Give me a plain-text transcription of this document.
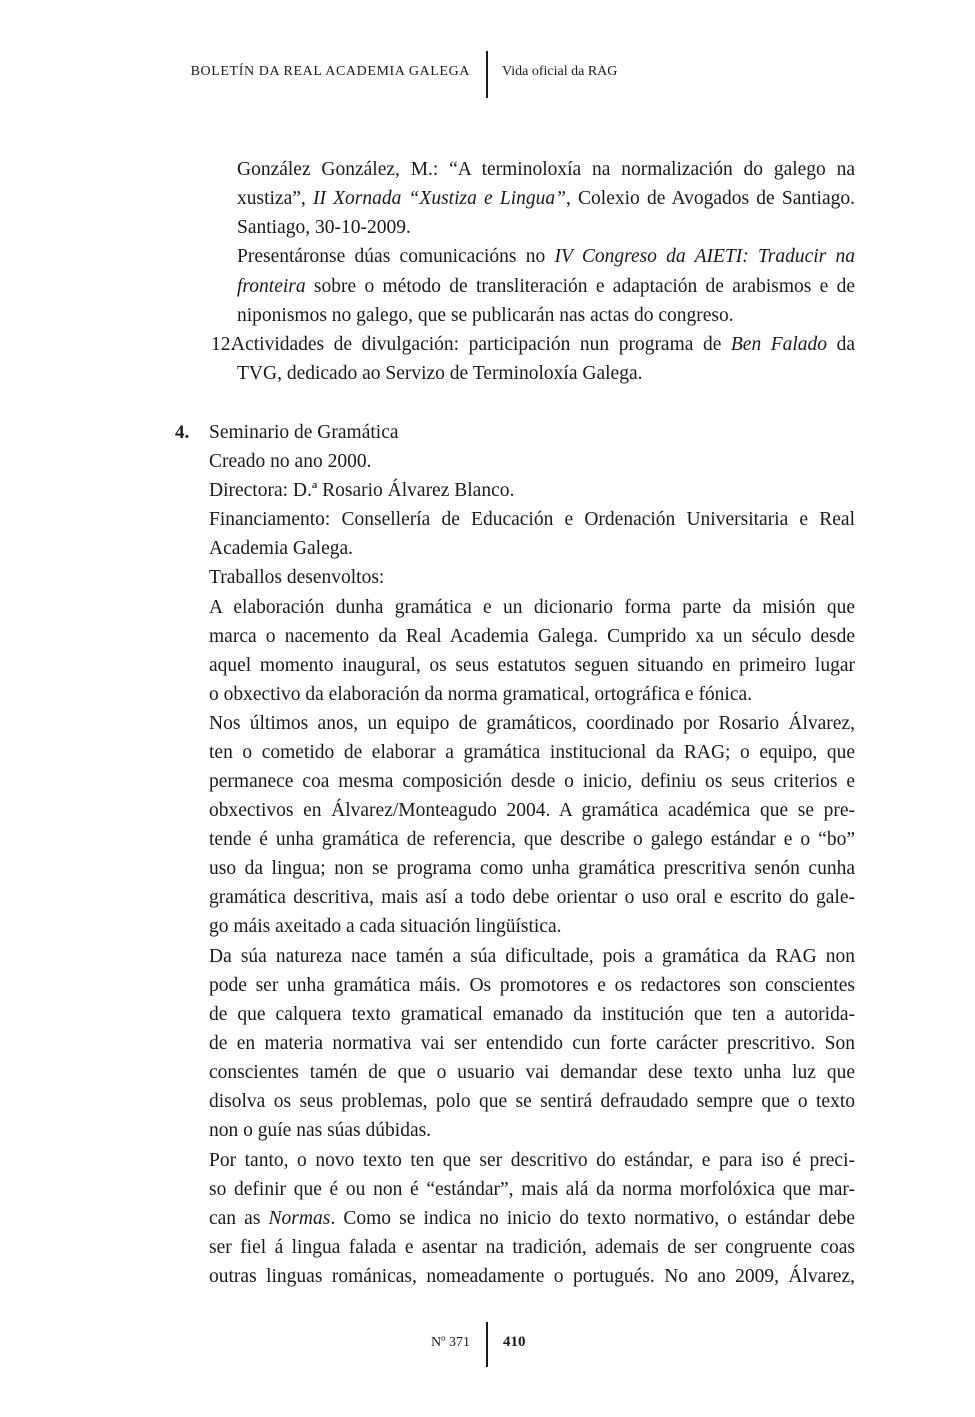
BOLETÍN DA REAL ACADEMIA GALEGA Vida oficial da RAG
González González, M.: “A terminoloxía na normalización do galego na
xustiza”, II Xornada “Xustiza e Lingua”, Colexio de Avogados de Santiago.
Santiago, 30-10-2009.
Presentáronse dúas comunicacións no IV Congreso da AIETI: Traducir na
fronteira sobre o método de transliteración e adaptación de arabismos e de
niponismos no galego, que se publicarán nas actas do congreso.
12.
Actividades de divulgación: participación nun programa de Ben Falado da
TVG, dedicado ao Servizo de Terminoloxía Galega.
4. Seminario de Gramática
Creado no ano 2000.
Directora: D.ª Rosario Álvarez Blanco.
Financiamento: Consellería de Educación e Ordenación Universitaria e Real
Academia Galega.
Traballos desenvoltos:
A elaboración dunha gramática e un dicionario forma parte da misión que
marca o nacemento da Real Academia Galega. Cumprido xa un século desde
aquel momento inaugural, os seus estatutos seguen situando en primeiro lugar
o obxectivo da elaboración da norma gramatical, ortográfica e fónica.
Nos últimos anos, un equipo de gramáticos, coordinado por Rosario Álvarez,
ten o cometido de elaborar a gramática institucional da RAG; o equipo, que
permanece coa mesma composición desde o inicio, definiu os seus criterios e
obxectivos en Álvarez/Monteagudo 2004. A gramática académica que se pre-
tende é unha gramática de referencia, que describe o galego estándar e o “bo”
uso da lingua; non se programa como unha gramática prescritiva senón cunha
gramática descritiva, mais así a todo debe orientar o uso oral e escrito do gale-
go máis axeitado a cada situación lingüística.
Da súa natureza nace tamén a súa dificultade, pois a gramática da RAG non
pode ser unha gramática máis. Os promotores e os redactores son conscientes
de que calquera texto gramatical emanado da institución que ten a autorida-
de en materia normativa vai ser entendido cun forte carácter prescritivo. Son
conscientes tamén de que o usuario vai demandar dese texto unha luz que
disolva os seus problemas, polo que se sentirá defraudado sempre que o texto
non o guíe nas súas dúbidas.
Por tanto, o novo texto ten que ser descritivo do estándar, e para iso é preci-
so definir que é ou non é “estándar”, mais alá da norma morfolóxica que mar-
can as Normas. Como se indica no inicio do texto normativo, o estándar debe
ser fiel á lingua falada e asentar na tradición, ademais de ser congruente coas
outras linguas románicas, nomeadamente o portugués. No ano 2009, Álvarez,
Nº 371 410
